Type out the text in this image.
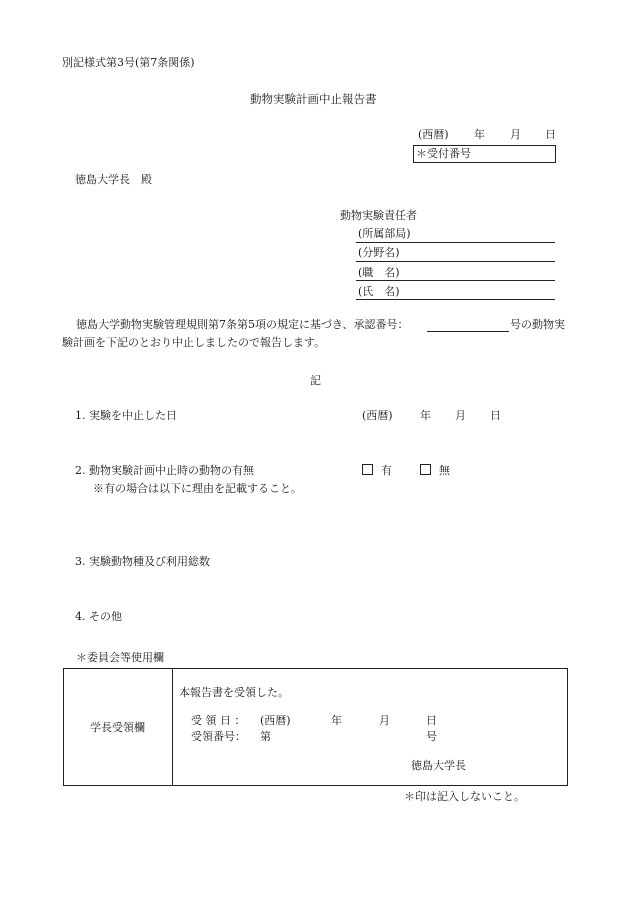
別記様式第3号(第7条関係)
動物実験計画中止報告書
(西暦) 年 月 日
＊受付番号
徳島大学長　殿
動物実験責任者
(所属部局)
(分野名)
(職　名)
(氏　名)
徳島大学動物実験管理規則第7条第5項の規定に基づき、承認番号：	号の動物実
験計画を下記のとおり中止しましたので報告します。
記
1. 実験を中止した日	(西暦) 年 月 日
2. 動物実験計画中止時の動物の有無	有	無
※有の場合は以下に理由を記載すること。
3. 実験動物種及び利用総数
4. その他
＊委員会等使用欄
学長受領欄
本報告書を受領した。
受 領 日 ： (西暦)	年	月	日
受領番号： 第	号
徳島大学長
＊印は記入しないこと。
